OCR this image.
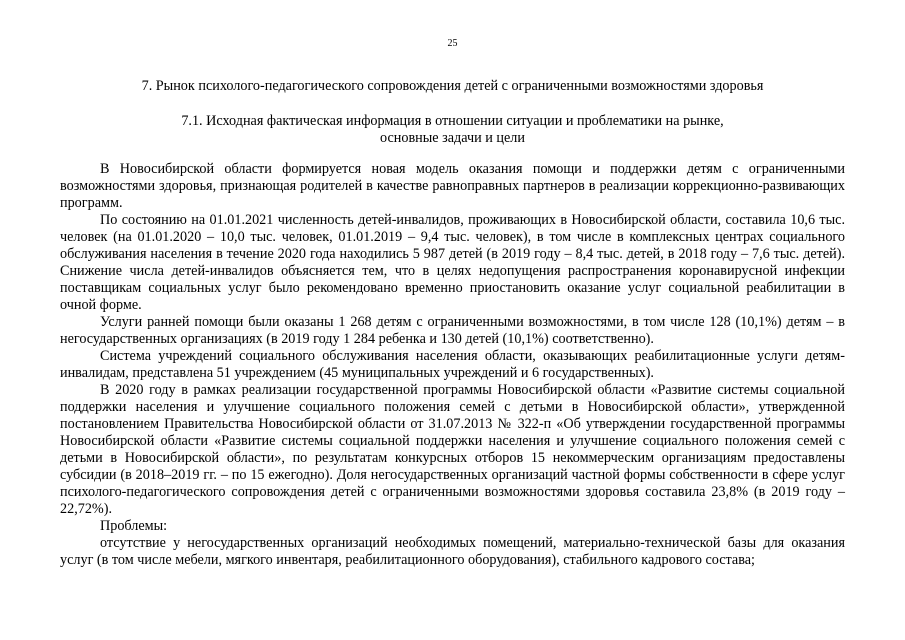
25
7. Рынок психолого-педагогического сопровождения детей с ограниченными возможностями здоровья
7.1. Исходная фактическая информация в отношении ситуации и проблематики на рынке,
основные задачи и цели

В Новосибирской области формируется новая модель оказания помощи и поддержки детям с ограниченными возможностями здоровья, признающая родителей в качестве равноправных партнеров в реализации коррекционно-развивающих программ.

По состоянию на 01.01.2021 численность детей-инвалидов, проживающих в Новосибирской области, составила 10,6 тыс. человек (на 01.01.2020 – 10,0 тыс. человек, 01.01.2019 – 9,4 тыс. человек), в том числе в комплексных центрах социального обслуживания населения в течение 2020 года находились 5 987 детей (в 2019 году – 8,4 тыс. детей, в 2018 году – 7,6 тыс. детей). Снижение числа детей-инвалидов объясняется тем, что в целях недопущения распространения коронавирусной инфекции поставщикам социальных услуг было рекомендовано временно приостановить оказание услуг социальной реабилитации в очной форме.

Услуги ранней помощи были оказаны 1 268 детям с ограниченными возможностями, в том числе 128 (10,1%) детям – в негосударственных организациях (в 2019 году 1 284 ребенка и 130 детей (10,1%) соответственно).

Система учреждений социального обслуживания населения области, оказывающих реабилитационные услуги детям-инвалидам, представлена 51 учреждением (45 муниципальных учреждений и 6 государственных).

В 2020 году в рамках реализации государственной программы Новосибирской области «Развитие системы социальной поддержки населения и улучшение социального положения семей с детьми в Новосибирской области», утвержденной постановлением Правительства Новосибирской области от 31.07.2013 № 322-п «Об утверждении государственной программы Новосибирской области «Развитие системы социальной поддержки населения и улучшение социального положения семей с детьми в Новосибирской области», по результатам конкурсных отборов 15 некоммерческим организациям предоставлены субсидии (в 2018–2019 гг. – по 15 ежегодно). Доля негосударственных организаций частной формы собственности в сфере услуг психолого-педагогического сопровождения детей с ограниченными возможностями здоровья составила 23,8% (в 2019 году – 22,72%).

Проблемы:

отсутствие у негосударственных организаций необходимых помещений, материально-технической базы для оказания услуг (в том числе мебели, мягкого инвентаря, реабилитационного оборудования), стабильного кадрового состава;
